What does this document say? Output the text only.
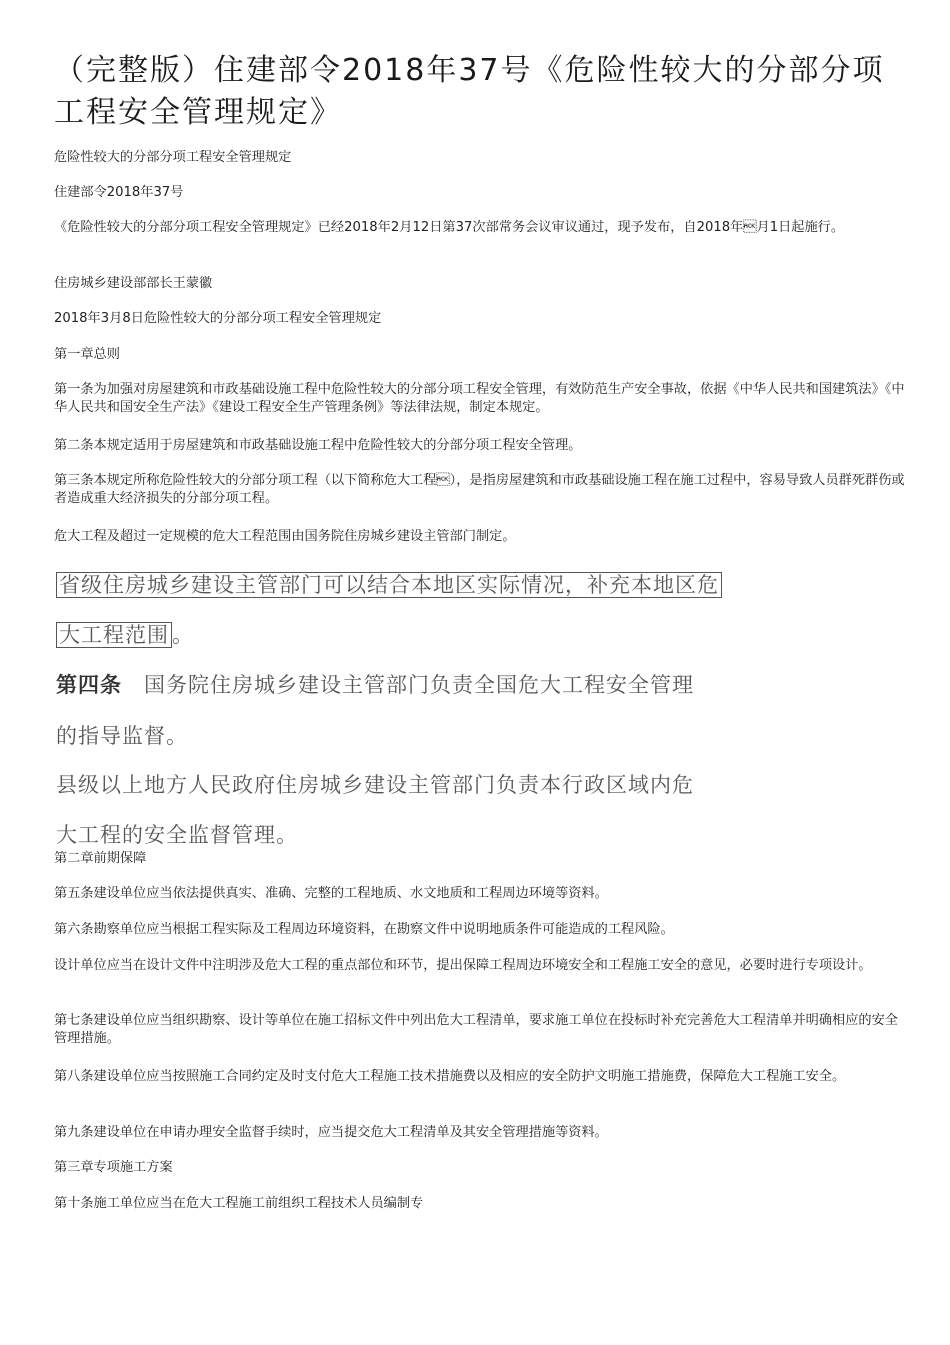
（完整版）住建部令2018年37号《危险性较大的分部分项工程安全管理规定》

危险性较大的分部分项工程安全管理规定

住建部令2018年37号

《危险性较大的分部分项工程安全管理规定》已经2018年2月12日第37次部常务会议审议通过，现予发布，自2018年月1日起施行。

住房城乡建设部部长王蒙徽

2018年3月8日危险性较大的分部分项工程安全管理规定

第一章总则

第一条为加强对房屋建筑和市政基础设施工程中危险性较大的分部分项工程安全管理，有效防范生产安全事故，依据《中华人民共和国建筑法》《中华人民共和国安全生产法》《建设工程安全生产管理条例》等法律法规，制定本规定。

第二条本规定适用于房屋建筑和市政基础设施工程中危险性较大的分部分项工程安全管理。

第三条本规定所称危险性较大的分部分项工程（以下简称危大工程），是指房屋建筑和市政基础设施工程在施工过程中，容易导致人员群死群伤或者造成重大经济损失的分部分项工程。

危大工程及超过一定规模的危大工程范围由国务院住房城乡建设主管部门制定。

省级住房城乡建设主管部门可以结合本地区实际情况，补充本地区危
大工程范围 。
第四条 国务院住房城乡建设主管部门负责全国危大工程安全管理
的指导监督。
县级以上地方人民政府住房城乡建设主管部门负责本行政区域内危
大工程的安全监督管理。

第二章前期保障

第五条建设单位应当依法提供真实、准确、完整的工程地质、水文地质和工程周边环境等资料。

第六条勘察单位应当根据工程实际及工程周边环境资料，在勘察文件中说明地质条件可能造成的工程风险。

设计单位应当在设计文件中注明涉及危大工程的重点部位和环节，提出保障工程周边环境安全和工程施工安全的意见，必要时进行专项设计。

第七条建设单位应当组织勘察、设计等单位在施工招标文件中列出危大工程清单，要求施工单位在投标时补充完善危大工程清单并明确相应的安全管理措施。

第八条建设单位应当按照施工合同约定及时支付危大工程施工技术措施费以及相应的安全防护文明施工措施费，保障危大工程施工安全。

第九条建设单位在申请办理安全监督手续时，应当提交危大工程清单及其安全管理措施等资料。

第三章专项施工方案

第十条施工单位应当在危大工程施工前组织工程技术人员编制专
